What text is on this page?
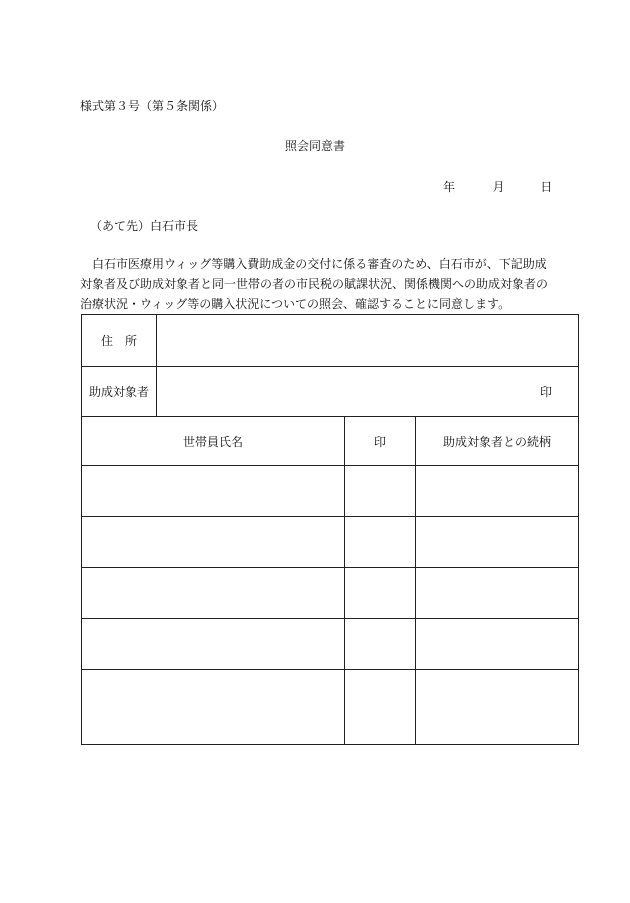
様式第３号（第５条関係）
照会同意書
年	月	日
（あて先）白石市長
　白石市医療用ウィッグ等購入費助成金の交付に係る審査のため、白石市が、下記助成
対象者及び助成対象者と同一世帯の者の市民税の賦課状況、関係機関への助成対象者の
治療状況・ウィッグ等の購入状況についての照会、確認することに同意します。
住　所
助成対象者	印
世帯員氏名	印	助成対象者との続柄
